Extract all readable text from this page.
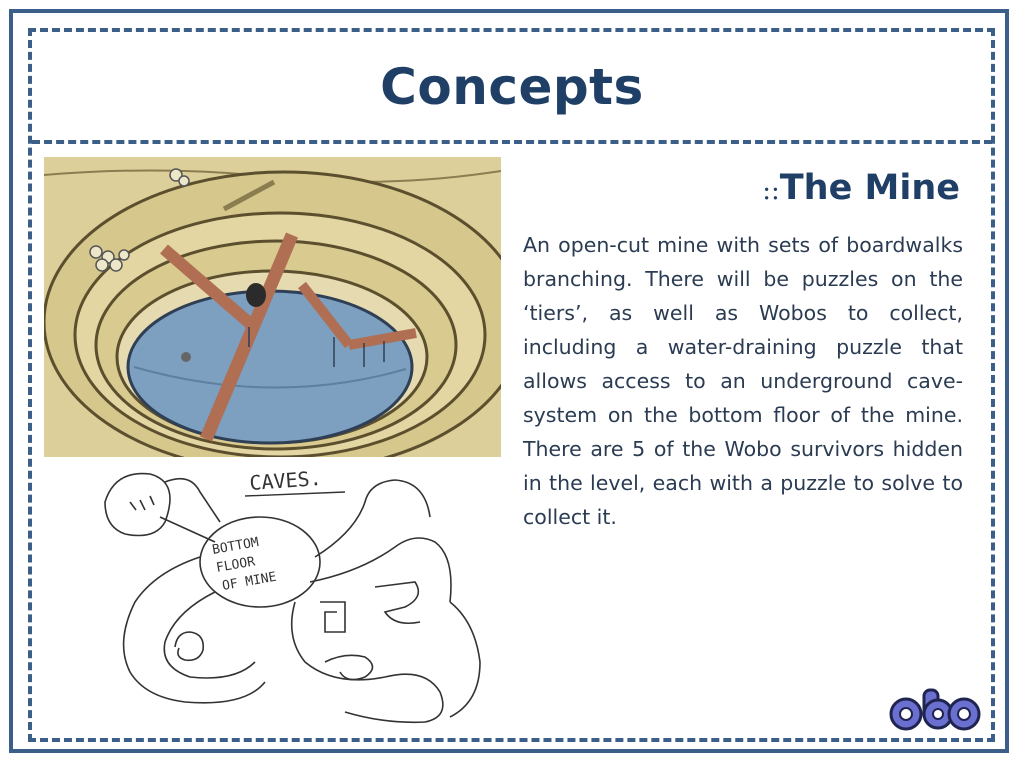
Concepts
::The Mine

An open-cut mine with sets of boardwalks branching. There will be puzzles on the ‘tiers’, as well as Wobos to collect, including a water-draining puzzle that allows access to an underground cave-system on the bottom floor of the mine. There are 5 of the Wobo survivors hidden in the level, each with a puzzle to solve to collect it.

CAVES.
BOTTOM
FLOOR
OF MINE
